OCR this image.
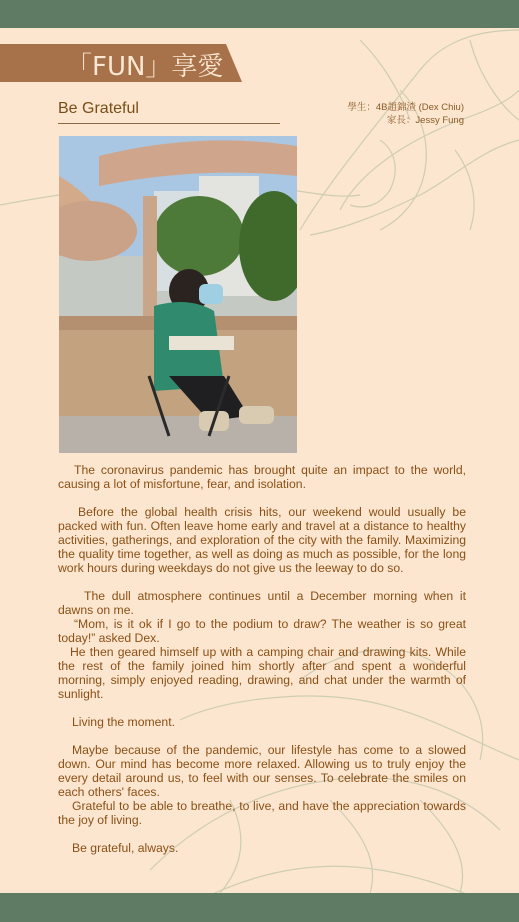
「FUN」享愛
Be Grateful	學生：4B趙錦渣 (Dex Chiu)
家長：Jessy Fung

The coronavirus pandemic has brought quite an impact to the world, causing a lot of misfortune, fear, and isolation.

Before the global health crisis hits, our weekend would usually be packed with fun. Often leave home early and travel at a distance to healthy activities, gatherings, and exploration of the city with the family. Maximizing the quality time together, as well as doing as much as possible, for the long work hours during weekdays do not give us the leeway to do so.

The dull atmosphere continues until a December morning when it dawns on me.

“Mom, is it ok if I go to the podium to draw? The weather is so great today!” asked Dex.

He then geared himself up with a camping chair and drawing kits. While the rest of the family joined him shortly after and spent a wonderful morning, simply enjoyed reading, drawing, and chat under the warmth of sunlight.

Living the moment.

Maybe because of the pandemic, our lifestyle has come to a slowed down. Our mind has become more relaxed. Allowing us to truly enjoy the every detail around us, to feel with our senses. To celebrate the smiles on each others' faces.

Grateful to be able to breathe, to live, and have the appreciation towards the joy of living.

Be grateful, always.
